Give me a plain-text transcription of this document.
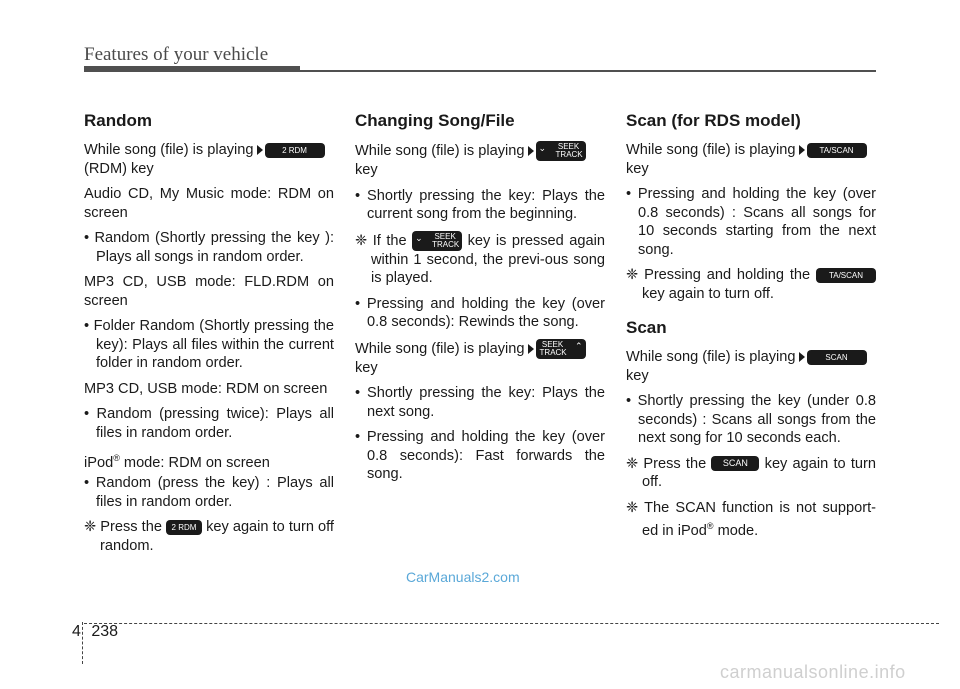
Features of your vehicle
Random

While song (file) is playing	2 RDM
(RDM) key

Audio CD, My Music mode: RDM on screen

• Random (Shortly pressing the key ): Plays all songs in random order.

MP3 CD, USB mode: FLD.RDM on screen

• Folder Random (Shortly pressing the key): Plays all files within the current folder in random order.

MP3 CD, USB mode: RDM on screen

• Random (pressing twice): Plays all files in random order.

iPod® mode: RDM on screen

• Random (press the key) : Plays all files in random order.

❈ Press the 2 RDM key again to turn off random.

Changing Song/File

While song (file) is playing ⌄ SEEK TRACK
key

• Shortly pressing the key: Plays the current song from the beginning.

❈ If the ⌄ SEEK TRACK key is pressed again within 1 second, the previ-ous song is played.

• Pressing and holding the key (over 0.8 seconds): Rewinds the song.

While song (file) is playing SEEK TRACK
⌃

key

• Shortly pressing the key: Plays the next song.

• Pressing and holding the key (over 0.8 seconds): Fast forwards the song.

Scan (for RDS model)

While song (file) is playing	TA/SCAN
key

• Pressing and holding the key (over 0.8 seconds) : Scans all songs for 10 seconds starting from the next song.

❈ Pressing and holding the TA/SCAN key again to turn off.

Scan

While song (file) is playing	SCAN
key

• Shortly pressing the key (under 0.8 seconds) : Scans all songs from the next song for 10 seconds each.

❈ Press the SCAN key again to turn off.

❈ The SCAN function is not support-ed in iPod® mode.

CarManuals2.com
4 238
carmanualsonline.info
